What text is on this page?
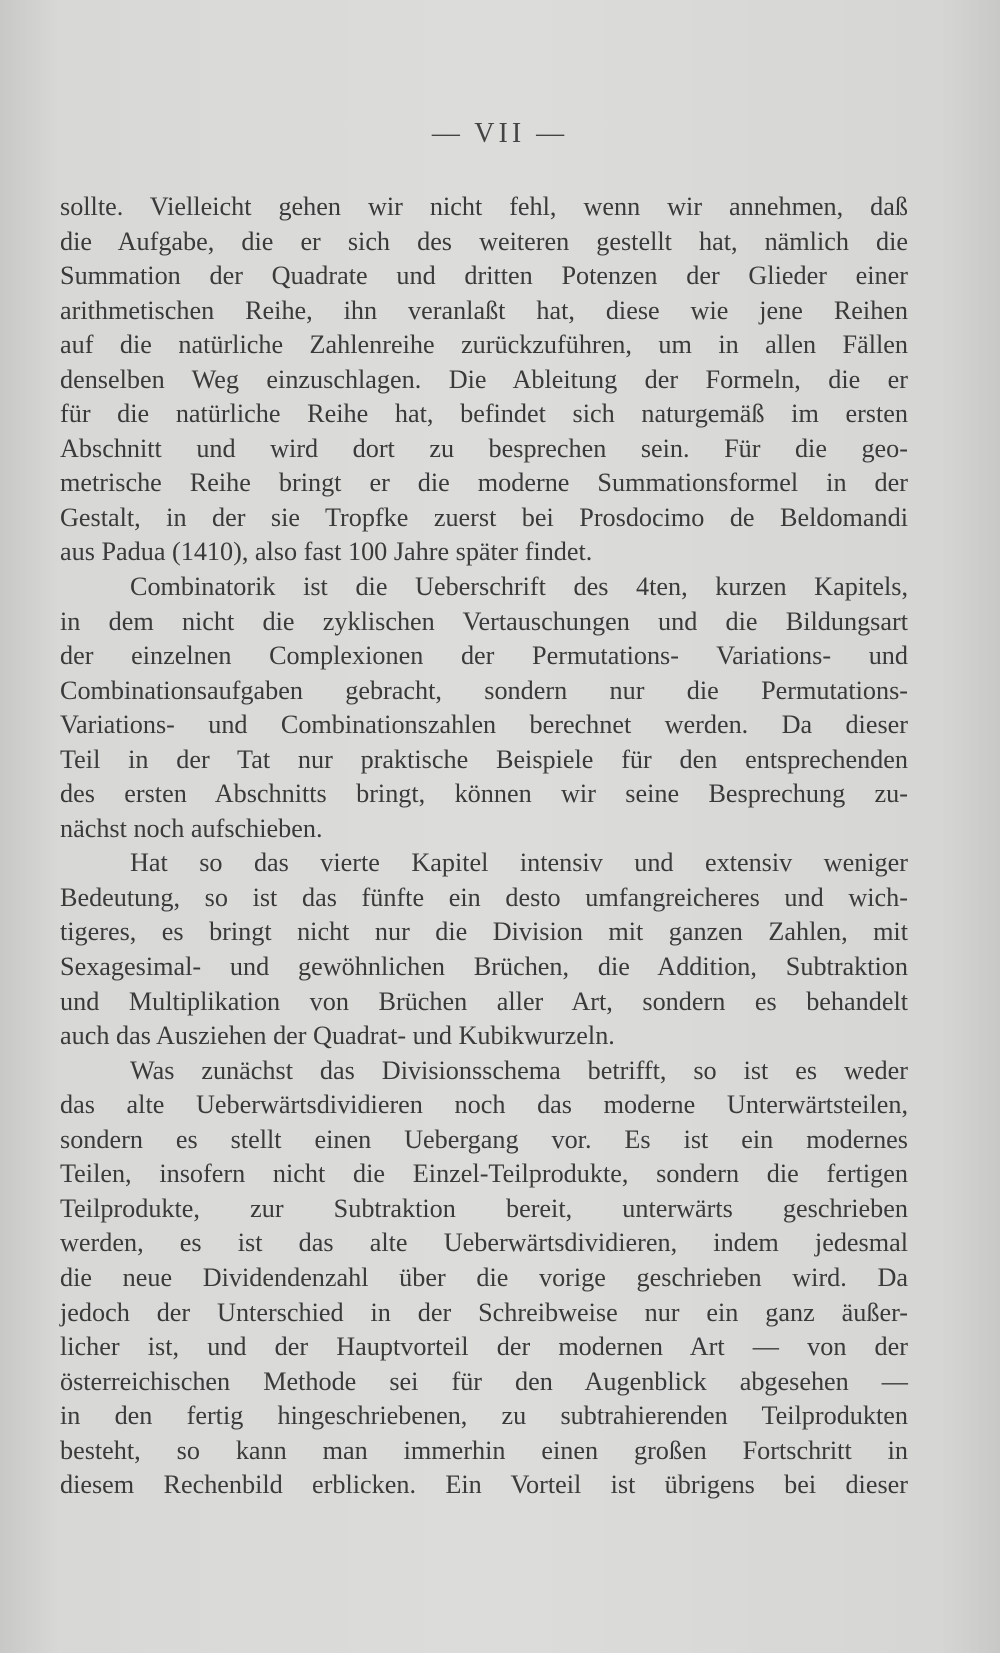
— VII —
sollte. Vielleicht gehen wir nicht fehl, wenn wir annehmen, daß
die Aufgabe, die er sich des weiteren gestellt hat, nämlich die
Summation der Quadrate und dritten Potenzen der Glieder einer
arithmetischen Reihe, ihn veranlaßt hat, diese wie jene Reihen
auf die natürliche Zahlenreihe zurückzuführen, um in allen Fällen
denselben Weg einzuschlagen. Die Ableitung der Formeln, die er
für die natürliche Reihe hat, befindet sich naturgemäß im ersten
Abschnitt und wird dort zu besprechen sein. Für die geo-
metrische Reihe bringt er die moderne Summationsformel in der
Gestalt, in der sie Tropfke zuerst bei Prosdocimo de Beldomandi
aus Padua (1410), also fast 100 Jahre später findet.
Combinatorik ist die Ueberschrift des 4ten, kurzen Kapitels,
in dem nicht die zyklischen Vertauschungen und die Bildungsart
der einzelnen Complexionen der Permutations- Variations- und
Combinationsaufgaben gebracht, sondern nur die Permutations-
Variations- und Combinationszahlen berechnet werden. Da dieser
Teil in der Tat nur praktische Beispiele für den entsprechenden
des ersten Abschnitts bringt, können wir seine Besprechung zu-
nächst noch aufschieben.
Hat so das vierte Kapitel intensiv und extensiv weniger
Bedeutung, so ist das fünfte ein desto umfangreicheres und wich-
tigeres, es bringt nicht nur die Division mit ganzen Zahlen, mit
Sexagesimal- und gewöhnlichen Brüchen, die Addition, Subtraktion
und Multiplikation von Brüchen aller Art, sondern es behandelt
auch das Ausziehen der Quadrat- und Kubikwurzeln.
Was zunächst das Divisionsschema betrifft, so ist es weder
das alte Ueberwärtsdividieren noch das moderne Unterwärtsteilen,
sondern es stellt einen Uebergang vor. Es ist ein modernes
Teilen, insofern nicht die Einzel-Teilprodukte, sondern die fertigen
Teilprodukte, zur Subtraktion bereit, unterwärts geschrieben
werden, es ist das alte Ueberwärtsdividieren, indem jedesmal
die neue Dividendenzahl über die vorige geschrieben wird. Da
jedoch der Unterschied in der Schreibweise nur ein ganz äußer-
licher ist, und der Hauptvorteil der modernen Art — von der
österreichischen Methode sei für den Augenblick abgesehen —
in den fertig hingeschriebenen, zu subtrahierenden Teilprodukten
besteht, so kann man immerhin einen großen Fortschritt in
diesem Rechenbild erblicken. Ein Vorteil ist übrigens bei dieser
